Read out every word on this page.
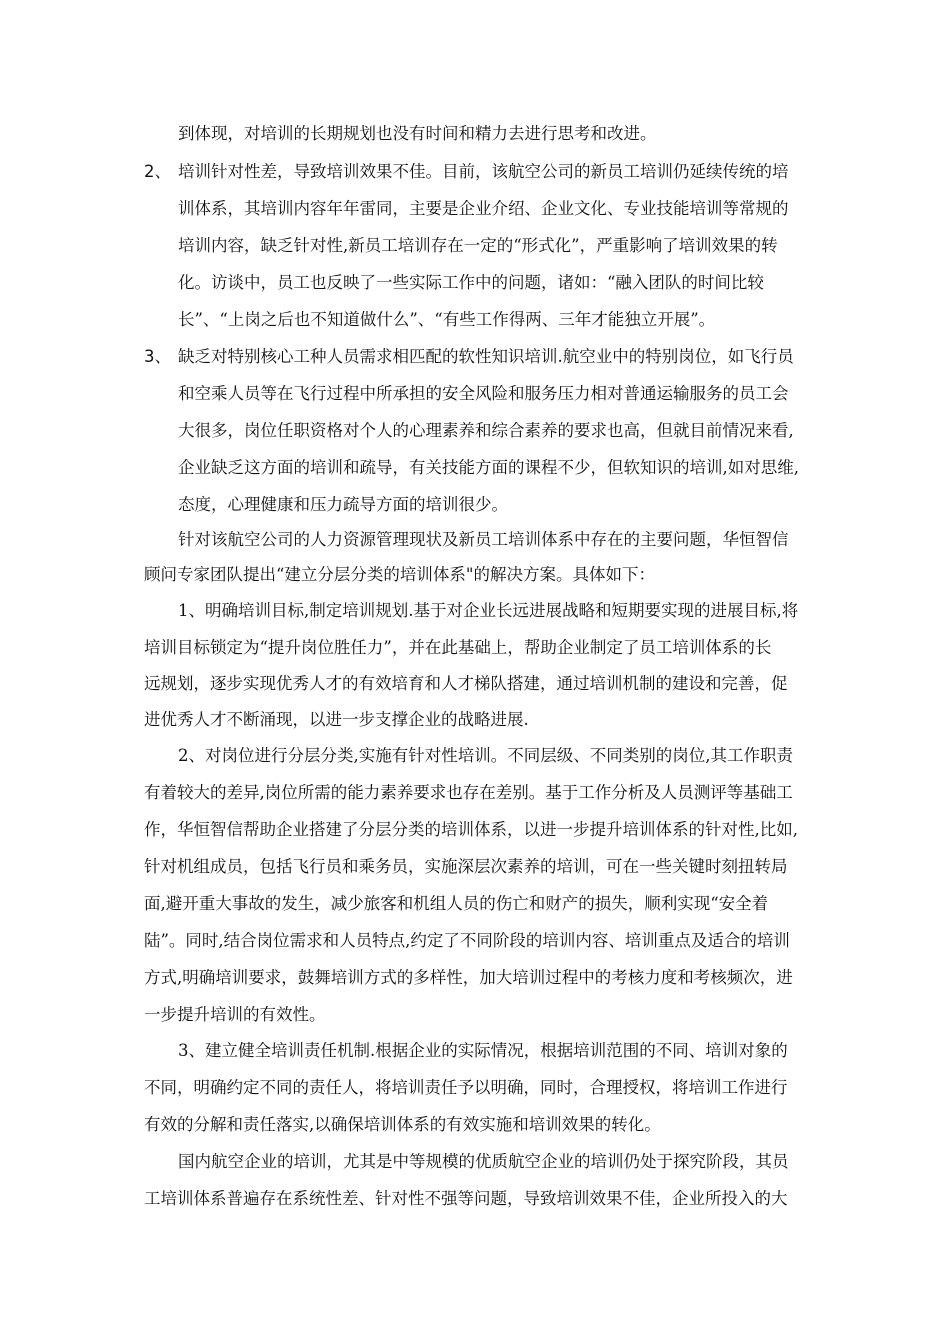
到体现，对培训的长期规划也没有时间和精力去进行思考和改进。
2、 培训针对性差，导致培训效果不佳。目前，该航空公司的新员工培训仍延续传统的培
训体系，其培训内容年年雷同，主要是企业介绍、企业文化、专业技能培训等常规的
培训内容，缺乏针对性,新员工培训存在一定的“形式化”，严重影响了培训效果的转
化。访谈中，员工也反映了一些实际工作中的问题，诸如：“融入团队的时间比较
长”、“上岗之后也不知道做什么”、“有些工作得两、三年才能独立开展”。
3、 缺乏对特别核心工种人员需求相匹配的软性知识培训.航空业中的特别岗位，如飞行员
和空乘人员等在飞行过程中所承担的安全风险和服务压力相对普通运输服务的员工会
大很多，岗位任职资格对个人的心理素养和综合素养的要求也高，但就目前情况来看,
企业缺乏这方面的培训和疏导，有关技能方面的课程不少，但软知识的培训,如对思维,
态度，心理健康和压力疏导方面的培训很少。
针对该航空公司的人力资源管理现状及新员工培训体系中存在的主要问题，华恒智信
顾问专家团队提出“建立分层分类的培训体系"的解决方案。具体如下：
1、明确培训目标,制定培训规划.基于对企业长远进展战略和短期要实现的进展目标,将
培训目标锁定为“提升岗位胜任力”，并在此基础上，帮助企业制定了员工培训体系的长
远规划，逐步实现优秀人才的有效培育和人才梯队搭建，通过培训机制的建设和完善，促
进优秀人才不断涌现，以进一步支撑企业的战略进展.
2、对岗位进行分层分类,实施有针对性培训。不同层级、不同类别的岗位,其工作职责
有着较大的差异,岗位所需的能力素养要求也存在差别。基于工作分析及人员测评等基础工
作，华恒智信帮助企业搭建了分层分类的培训体系，以进一步提升培训体系的针对性,比如,
针对机组成员，包括飞行员和乘务员，实施深层次素养的培训，可在一些关键时刻扭转局
面,避开重大事故的发生，减少旅客和机组人员的伤亡和财产的损失，顺利实现“安全着
陆”。同时,结合岗位需求和人员特点,约定了不同阶段的培训内容、培训重点及适合的培训
方式,明确培训要求，鼓舞培训方式的多样性，加大培训过程中的考核力度和考核频次，进
一步提升培训的有效性。
3、建立健全培训责任机制.根据企业的实际情况，根据培训范围的不同、培训对象的
不同，明确约定不同的责任人，将培训责任予以明确，同时，合理授权，将培训工作进行
有效的分解和责任落实,以确保培训体系的有效实施和培训效果的转化。
国内航空企业的培训，尤其是中等规模的优质航空企业的培训仍处于探究阶段，其员
工培训体系普遍存在系统性差、针对性不强等问题，导致培训效果不佳，企业所投入的大
